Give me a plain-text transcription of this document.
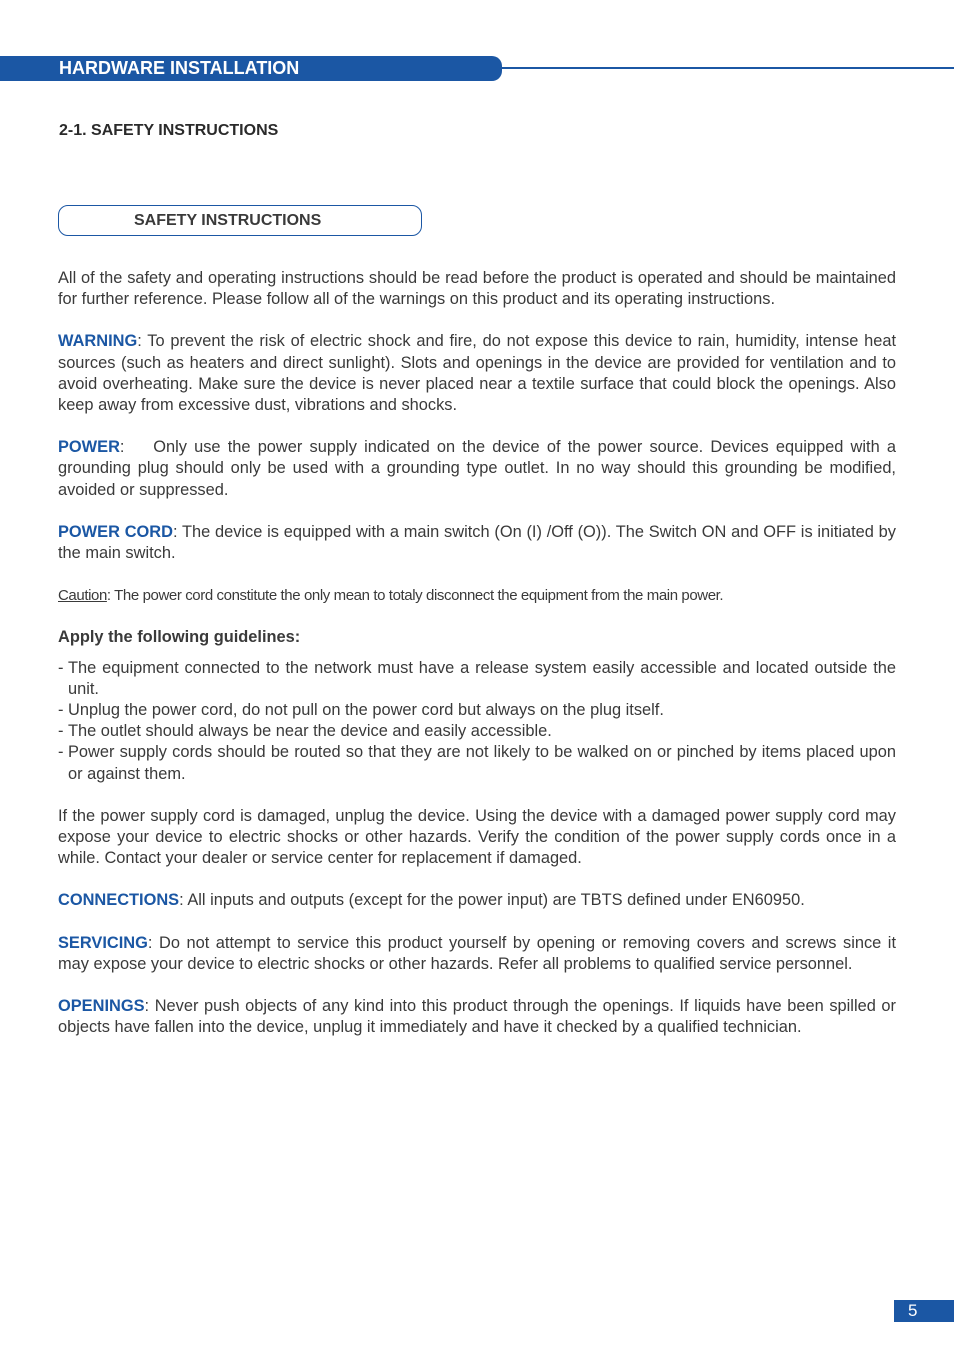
HARDWARE INSTALLATION
2-1. SAFETY INSTRUCTIONS
SAFETY INSTRUCTIONS

All of the safety and operating instructions should be read before the product is operated and should be maintained for further reference. Please follow all of the warnings on this product and its operating instructions.

WARNING: To prevent the risk of electric shock and fire, do not expose this device to rain, humidity, intense heat sources (such as heaters and direct sunlight). Slots and openings in the device are provided for ventilation and to avoid overheating. Make sure the device is never placed near a textile surface that could block the openings. Also keep away from excessive dust, vibrations and shocks.

POWER:    Only use the power supply indicated on the device of the power source. Devices equipped with a grounding plug should only be used with a grounding type outlet. In no way should this grounding be modified, avoided or suppressed.

POWER CORD: The device is equipped with a main switch (On (I) /Off (O)). The Switch ON and OFF is initiated by the main switch.

Caution: The power cord constitute the only mean to totaly disconnect the equipment from the main power.

Apply the following guidelines:

- The equipment connected to the network must have a release system easily accessible and located outside the unit.
- Unplug the power cord, do not pull on the power cord but always on the plug itself.
- The outlet should always be near the device and easily accessible.
- Power supply cords should be routed so that they are not likely to be walked on or pinched by items placed upon or against them.

If the power supply cord is damaged, unplug the device. Using the device with a damaged power supply cord may expose your device to electric shocks or other hazards. Verify the condition of the power supply cords once in a while. Contact your dealer or service center for replacement if damaged.

CONNECTIONS: All inputs and outputs (except for the power input) are TBTS defined under EN60950.

SERVICING: Do not attempt to service this product yourself by opening or removing covers and screws since it may expose your device to electric shocks or other hazards. Refer all problems to qualified service personnel.

OPENINGS: Never push objects of any kind into this product through the openings. If liquids have been spilled or objects have fallen into the device, unplug it immediately and have it checked by a qualified technician.

5
